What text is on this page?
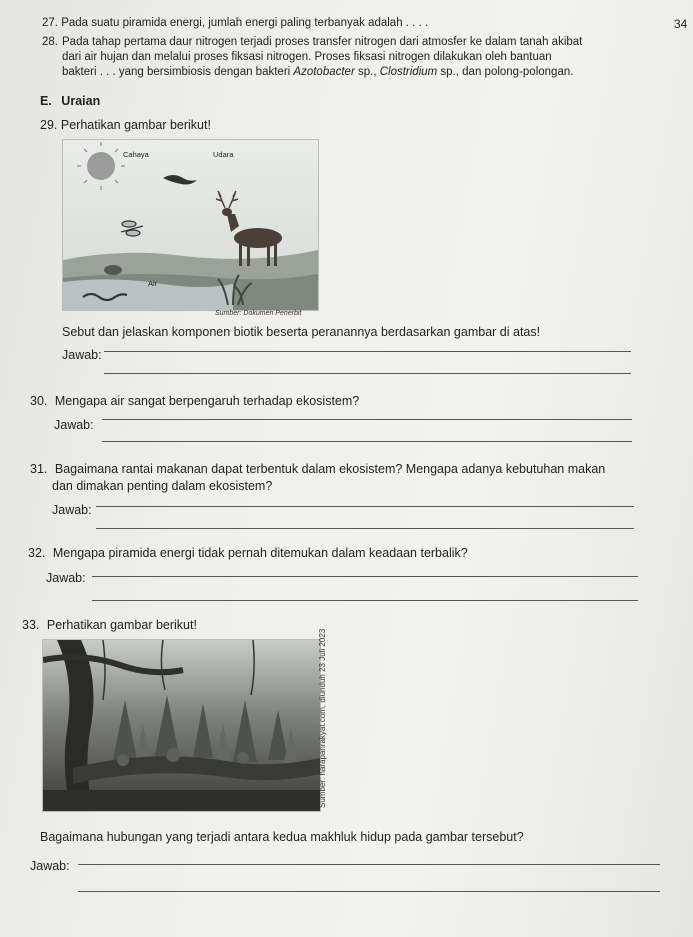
34
27. Pada suatu piramida energi, jumlah energi paling terbanyak adalah . . . .
28. Pada tahap pertama daur nitrogen terjadi proses transfer nitrogen dari atmosfer ke dalam tanah akibat
dari air hujan dan melalui proses fiksasi nitrogen. Proses fiksasi nitrogen dilakukan oleh bantuan
bakteri . . . yang bersimbiosis dengan bakteri Azotobacter sp., Clostridium sp., dan polong-polongan.
E. Uraian
29. Perhatikan gambar berikut!
Cahaya	Udara
Air
Sumber: Dokumen Penerbit
Sebut dan jelaskan komponen biotik beserta peranannya berdasarkan gambar di atas!
Jawab:
30. Mengapa air sangat berpengaruh terhadap ekosistem?
Jawab:
31. Bagaimana rantai makanan dapat terbentuk dalam ekosistem? Mengapa adanya kebutuhan makan
dan dimakan penting dalam ekosistem?
Jawab:
32. Mengapa piramida energi tidak pernah ditemukan dalam keadaan terbalik?
Jawab:
33. Perhatikan gambar berikut!
Sumber: harapanrakyat.com, diunduh 23 Juli 2023
Bagaimana hubungan yang terjadi antara kedua makhluk hidup pada gambar tersebut?
Jawab:
